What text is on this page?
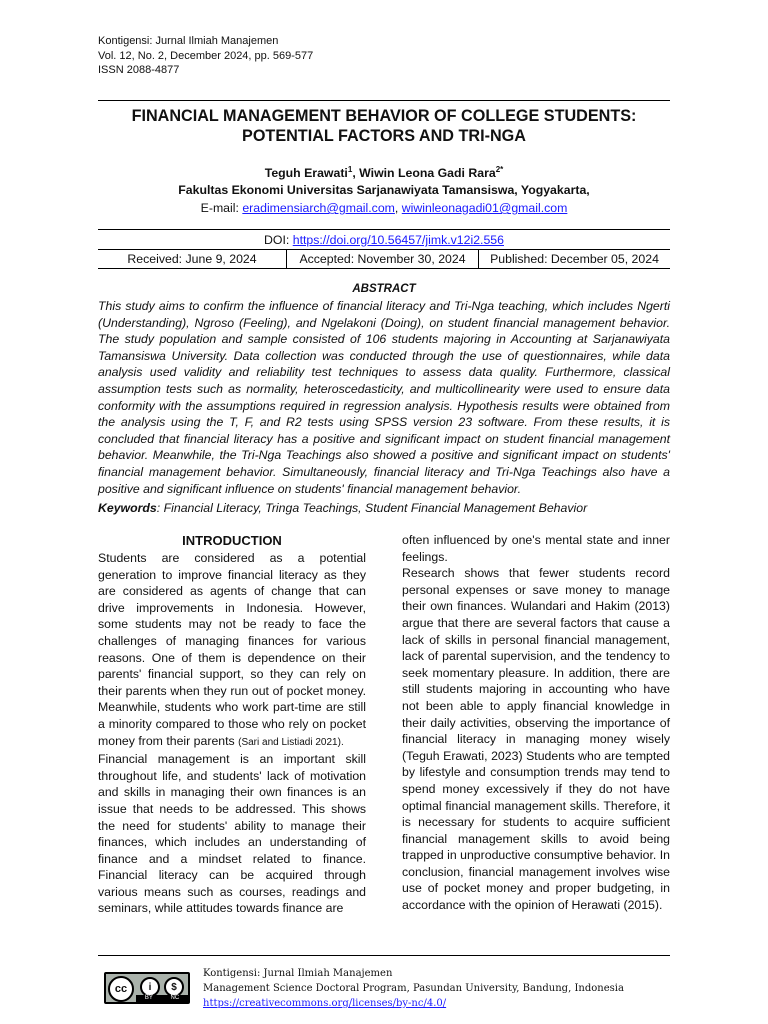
Kontigensi: Jurnal Ilmiah Manajemen
Vol. 12, No. 2, December 2024, pp. 569-577
ISSN 2088-4877
FINANCIAL MANAGEMENT BEHAVIOR OF COLLEGE STUDENTS:
POTENTIAL FACTORS AND TRI-NGA
Teguh Erawati$^1$, Wiwin Leona Gadi Rara$^{2*}$
Fakultas Ekonomi Universitas Sarjanawiyata Tamansiswa, Yogyakarta,
E-mail: eradimensiarch@gmail.com, wiwinleonagadi01@gmail.com
DOI: https://doi.org/10.56457/jimk.v12i2.556
Received: June 9, 2024	Accepted: November 30, 2024	Published: December 05, 2024
ABSTRACT
This study aims to confirm the influence of financial literacy and Tri-Nga teaching, which includes Ngerti (Understanding), Ngroso (Feeling), and Ngelakoni (Doing), on student financial management behavior. The study population and sample consisted of 106 students majoring in Accounting at Sarjanawiyata Tamansiswa University. Data collection was conducted through the use of questionnaires, while data analysis used validity and reliability test techniques to assess data quality. Furthermore, classical assumption tests such as normality, heteroscedasticity, and multicollinearity were used to ensure data conformity with the assumptions required in regression analysis. Hypothesis results were obtained from the analysis using the T, F, and R2 tests using SPSS version 23 software. From these results, it is concluded that financial literacy has a positive and significant impact on student financial management behavior. Meanwhile, the Tri-Nga Teachings also showed a positive and significant impact on students' financial management behavior. Simultaneously, financial literacy and Tri-Nga Teachings also have a positive and significant influence on students' financial management behavior.
Keywords: Financial Literacy, Tringa Teachings, Student Financial Management Behavior
INTRODUCTION

Students are considered as a potential generation to improve financial literacy as they are considered as agents of change that can drive improvements in Indonesia. However, some students may not be ready to face the challenges of managing finances for various reasons. One of them is dependence on their parents' financial support, so they can rely on their parents when they run out of pocket money. Meanwhile, students who work part-time are still a minority compared to those who rely on pocket money from their parents (Sari and Listiadi 2021).

Financial management is an important skill throughout life, and students' lack of motivation and skills in managing their own finances is an issue that needs to be addressed. This shows the need for students' ability to manage their finances, which includes an understanding of finance and a mindset related to finance. Financial literacy can be acquired through various means such as courses, readings and seminars, while attitudes towards finance are

often influenced by one's mental state and inner feelings.

Research shows that fewer students record personal expenses or save money to manage their own finances. Wulandari and Hakim (2013) argue that there are several factors that cause a lack of skills in personal financial management, lack of parental supervision, and the tendency to seek momentary pleasure. In addition, there are still students majoring in accounting who have not been able to apply financial knowledge in their daily activities, observing the importance of financial literacy in managing money wisely (Teguh Erawati, 2023) Students who are tempted by lifestyle and consumption trends may tend to spend money excessively if they do not have optimal financial management skills. Therefore, it is necessary for students to acquire sufficient financial management skills to avoid being trapped in unproductive consumptive behavior. In conclusion, financial management involves wise use of pocket money and proper budgeting, in accordance with the opinion of Herawati (2015).

cc	i	$
BY	NC
Kontigensi: Jurnal Ilmiah Manajemen
Management Science Doctoral Program, Pasundan University, Bandung, Indonesia
https://creativecommons.org/licenses/by-nc/4.0/
